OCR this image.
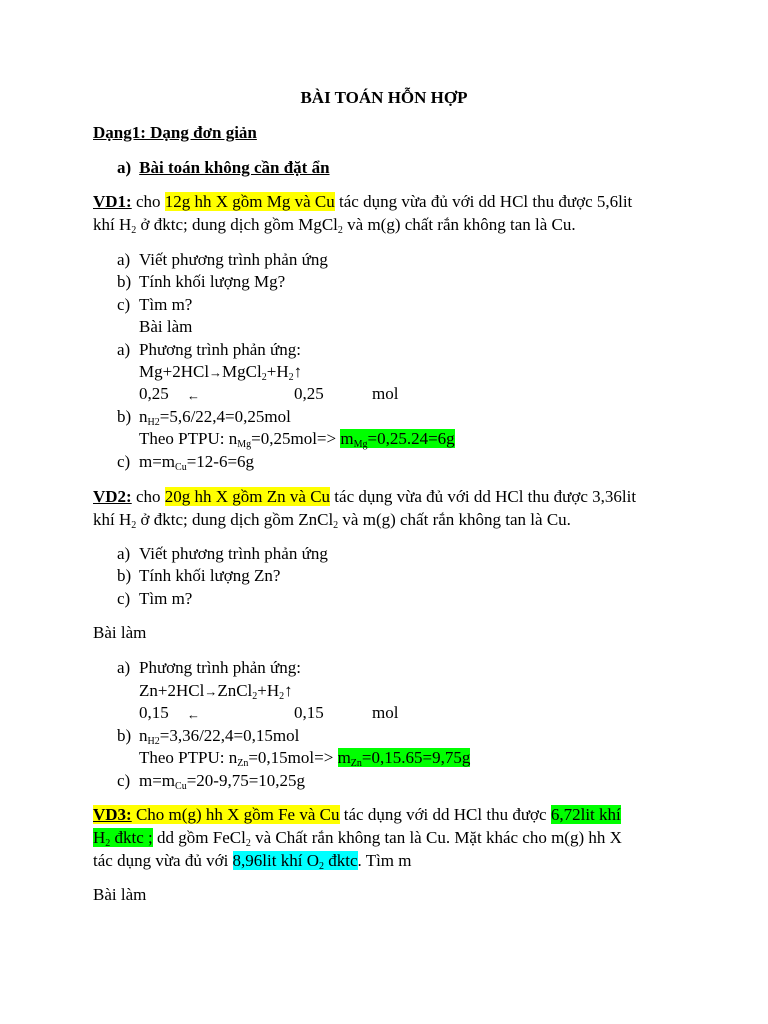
BÀI TOÁN HỖN HỢP
Dạng1: Dạng đơn giản
a) Bài toán không cần đặt ẩn
VD1: cho 12g hh X gồm Mg và Cu tác dụng vừa đủ với dd HCl thu được 5,6lit
khí $H_2$ ở đktc; dung dịch gồm MgCl$_2$ và m(g) chất rắn không tan là Cu.
a) Viết phương trình phản ứng
b) Tính khối lượng Mg?
c) Tìm m?
Bài làm
a) Phương trình phản ứng:
$Mg+2HCl\to MgCl_2+H_2↑$
0,25 ←	0,25	mol
b) $n_{H2}=5,6/22,4=0,25mol$
Theo PTPU: $n_{Mg}=0,25mol=> m_{Mg}=0,25.24=6g$
c) $m=m_{Cu}=12-6=6g$
VD2: cho 20g hh X gồm Zn và Cu tác dụng vừa đủ với dd HCl thu được 3,36lit
khí $H_2$ ở đktc; dung dịch gồm ZnCl$_2$ và m(g) chất rắn không tan là Cu.
a) Viết phương trình phản ứng
b) Tính khối lượng Zn?
c) Tìm m?
Bài làm
a) Phương trình phản ứng:
$Zn+2HCl\to ZnCl_2+H_2↑$
0,15 ←	0,15	mol
b) $n_{H2}=3,36/22,4=0,15mol$
Theo PTPU: $n_{Zn}=0,15mol=> m_{Zn}=0,15.65=9,75g$
c) $m=m_{Cu}=20-9,75=10,25g$
VD3: Cho m(g) hh X gồm Fe và Cu tác dụng với dd HCl thu được 6,72lit khí
$H_2$ đktc ; dd gồm FeCl$_2$ và Chất rắn không tan là Cu. Mặt khác cho m(g) hh X
tác dụng vừa đủ với 8,96lit khí $O_2$ đktc. Tìm m
Bài làm
